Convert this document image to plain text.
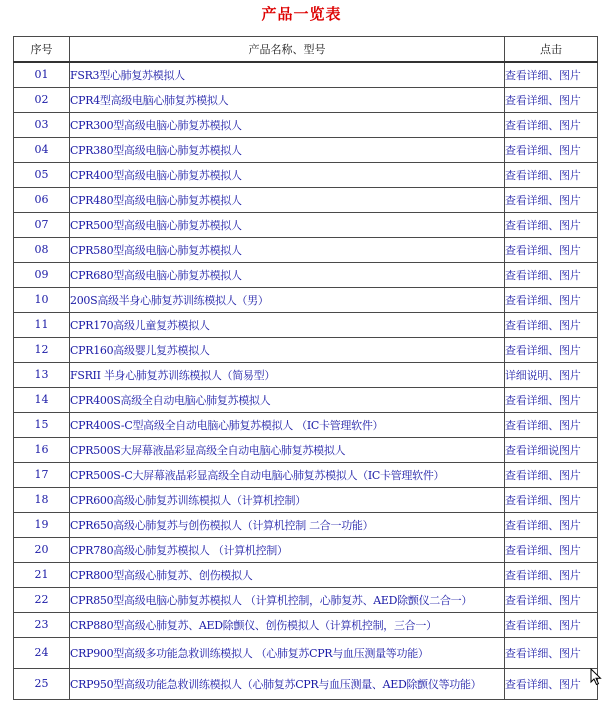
产品一览表
序号	产品名称、型号	点击
01	FSR3型心肺复苏模拟人	查看详细、图片
02	CPR4型高级电脑心肺复苏模拟人	查看详细、图片
03	CPR300型高级电脑心肺复苏模拟人	查看详细、图片
04	CPR380型高级电脑心肺复苏模拟人	查看详细、图片
05	CPR400型高级电脑心肺复苏模拟人	查看详细、图片
06	CPR480型高级电脑心肺复苏模拟人	查看详细、图片
07	CPR500型高级电脑心肺复苏模拟人	查看详细、图片
08	CPR580型高级电脑心肺复苏模拟人	查看详细、图片
09	CPR680型高级电脑心肺复苏模拟人	查看详细、图片
10	200S高级半身心肺复苏训练模拟人（男）	查看详细、图片
11	CPR170高级儿童复苏模拟人	查看详细、图片
12	CPR160高级婴儿复苏模拟人	查看详细、图片
13	FSRII 半身心肺复苏训练模拟人（简易型）	详细说明、图片
14	CPR400S高级全自动电脑心肺复苏模拟人	查看详细、图片
15	CPR400S-C型高级全自动电脑心肺复苏模拟人 （IC卡管理软件）	查看详细、图片
16	CPR500S大屏幕液晶彩显高级全自动电脑心肺复苏模拟人	查看详细说图片
17	CPR500S-C大屏幕液晶彩显高级全自动电脑心肺复苏模拟人（IC卡管理软件）	查看详细、图片
18	CPR600高级心肺复苏训练模拟人（计算机控制）	查看详细、图片
19	CPR650高级心肺复苏与创伤模拟人（计算机控制 二合一功能）	查看详细、图片
20	CPR780高级心肺复苏模拟人 （计算机控制）	查看详细、图片
21	CPR800型高级心肺复苏、创伤模拟人	查看详细、图片
22	CPR850型高级电脑心肺复苏模拟人 （计算机控制，心肺复苏、AED除颤仪二合一）	查看详细、图片
23	CRP880型高级心肺复苏、AED除颤仪、创伤模拟人（计算机控制，三合一）	查看详细、图片
24	CRP900型高级多功能急救训练模拟人 （心肺复苏CPR与血压测量等功能）	查看详细、图片
25	CRP950型高级功能急救训练模拟人（心肺复苏CPR与血压测量、AED除颤仪等功能）	查看详细、图片
